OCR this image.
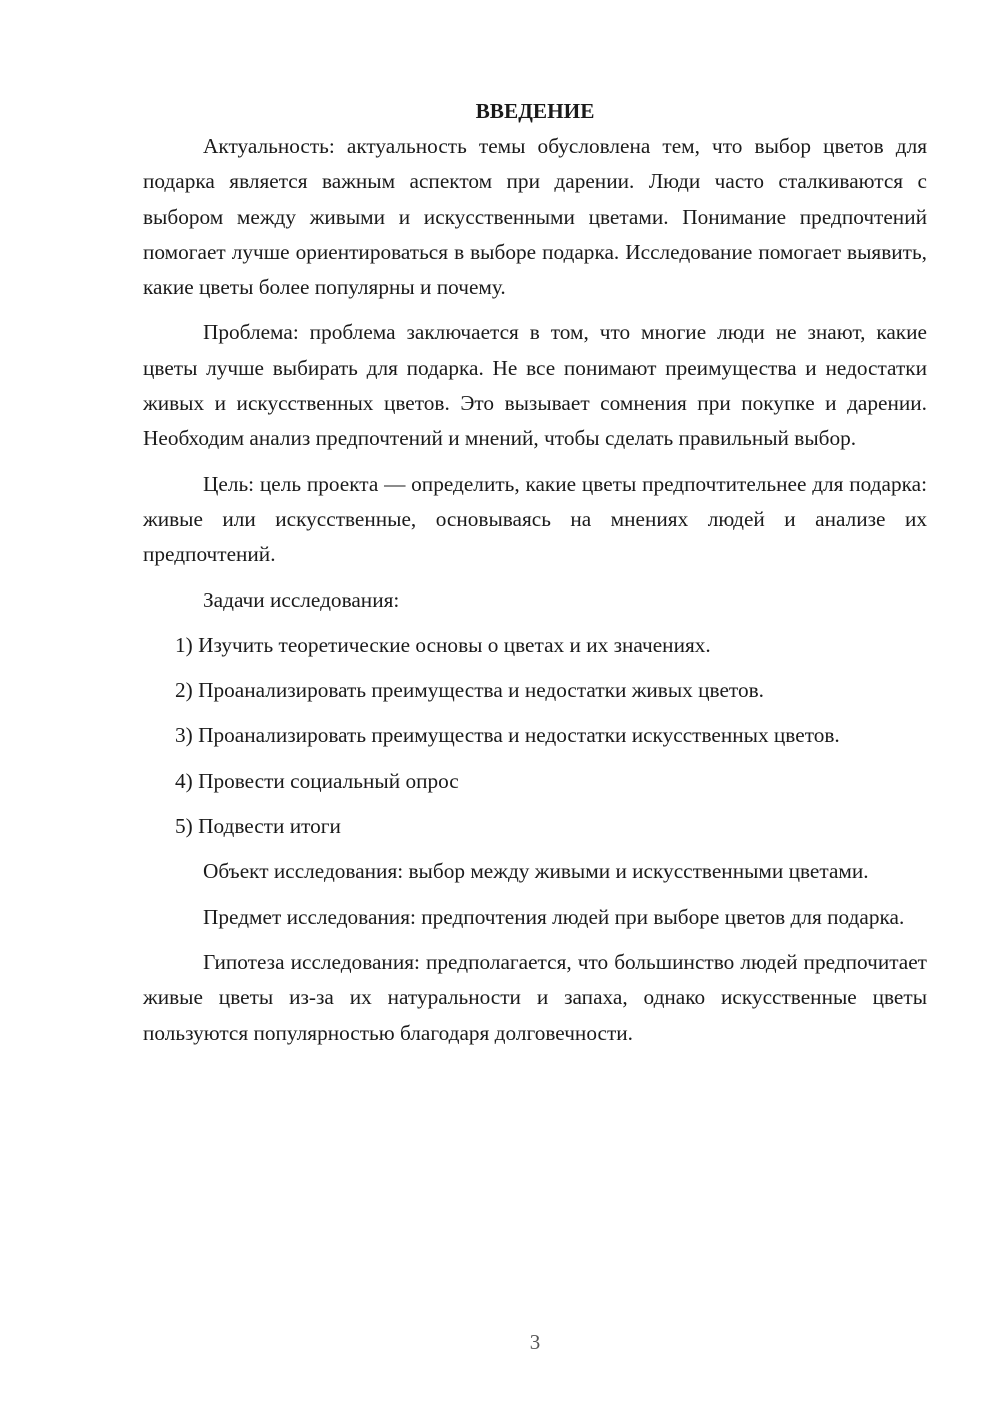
ВВЕДЕНИЕ

Актуальность: актуальность темы обусловлена тем, что выбор цветов для подарка является важным аспектом при дарении. Люди часто сталкиваются с выбором между живыми и искусственными цветами. Понимание предпочтений помогает лучше ориентироваться в выборе подарка. Исследование помогает выявить, какие цветы более популярны и почему.

Проблема: проблема заключается в том, что многие люди не знают, какие цветы лучше выбирать для подарка. Не все понимают преимущества и недостатки живых и искусственных цветов. Это вызывает сомнения при покупке и дарении. Необходим анализ предпочтений и мнений, чтобы сделать правильный выбор.

Цель: цель проекта — определить, какие цветы предпочтительнее для подарка: живые или искусственные, основываясь на мнениях людей и анализе их предпочтений.

Задачи исследования:

1) Изучить теоретические основы о цветах и их значениях.

2) Проанализировать преимущества и недостатки живых цветов.

3) Проанализировать преимущества и недостатки искусственных цветов.

4) Провести социальный опрос

5) Подвести итоги

Объект исследования: выбор между живыми и искусственными цветами.

Предмет исследования: предпочтения людей при выборе цветов для подарка.

Гипотеза исследования: предполагается, что большинство людей предпочитает живые цветы из-за их натуральности и запаха, однако искусственные цветы пользуются популярностью благодаря долговечности.

3
